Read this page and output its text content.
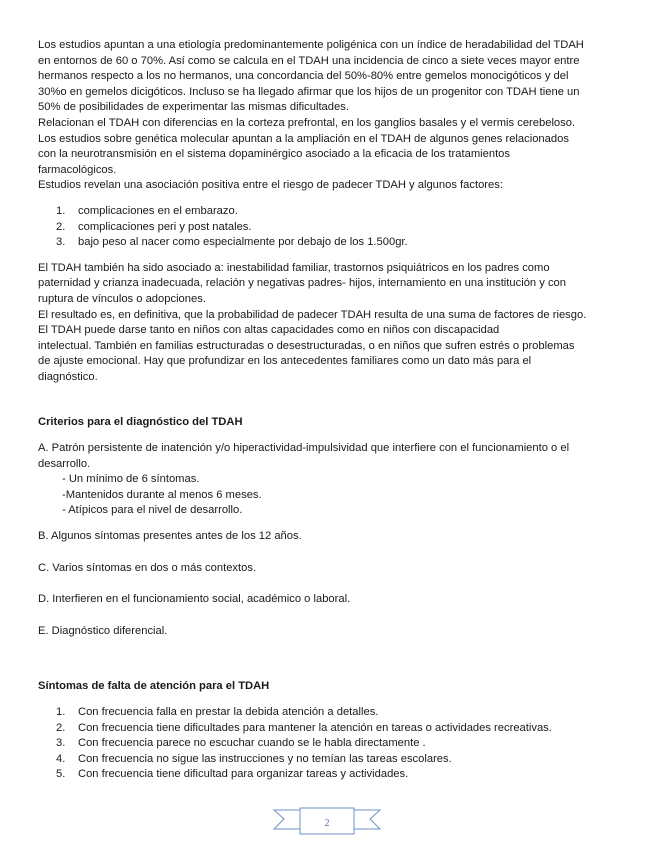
Los estudios apuntan a una etiología predominantemente poligénica con un índice de heradabilidad del TDAH

en entornos de 60 o 70%. Así como se calcula en el TDAH una incidencia de cinco a siete veces mayor entre

hermanos respecto a los no hermanos, una concordancia del 50%-80% entre gemelos monocigóticos y del

30%o en gemelos dicigóticos. Incluso se ha llegado afirmar que los hijos de un progenitor con TDAH tiene un

50% de posibilidades de experimentar las mismas dificultades.

Relacionan el TDAH con diferencias en la corteza prefrontal, en los ganglios basales y el vermis cerebeloso.

Los estudios sobre genética molecular apuntan a la ampliación en el TDAH de algunos genes relacionados

con la neurotransmisión en el sistema dopaminérgico asociado a la eficacia de los tratamientos

farmacológicos.

Estudios revelan una asociación positiva entre el riesgo de padecer TDAH y algunos factores:

1. complicaciones en el embarazo.
2. complicaciones peri y post natales.
3. bajo peso al nacer como especialmente por debajo de los 1.500gr.

El TDAH también ha sido asociado a: inestabilidad familiar, trastornos psiquiátricos en los padres como

paternidad y crianza inadecuada, relación y negativas padres- hijos, internamiento en una institución y con

ruptura de vínculos o adopciones.

El resultado es, en definitiva, que la probabilidad de padecer TDAH resulta de una suma de factores de riesgo.

El TDAH puede darse tanto en niños con altas capacidades como en niños con discapacidad

intelectual. También en familias estructuradas o desestructuradas, o en niños que sufren estrés o problemas

de ajuste emocional. Hay que profundizar en los antecedentes familiares como un dato más para el

diagnóstico.

Criterios para el diagnóstico del TDAH

A. Patrón persistente de inatención y/o hiperactividad-impulsividad que interfiere con el funcionamiento o el

desarrollo.

- Un mínimo de 6 síntomas.

-Mantenidos durante al menos 6 meses.

- Atípicos para el nivel de desarrollo.

B. Algunos síntomas presentes antes de los 12 años.

C. Varios síntomas en dos o más contextos.

D. Interfieren en el funcionamiento social, académico o laboral.

E. Diagnóstico diferencial.

Síntomas de falta de atención para el TDAH

1. Con frecuencia falla en prestar la debida atención a detalles.
2. Con frecuencia tiene dificultades para mantener la atención en tareas o actividades recreativas.
3. Con frecuencia parece no escuchar cuando se le habla directamente .
4. Con frecuencia no sigue las instrucciones y no temían las tareas escolares.
5. Con frecuencia tiene dificultad para organizar tareas y actividades.
2
